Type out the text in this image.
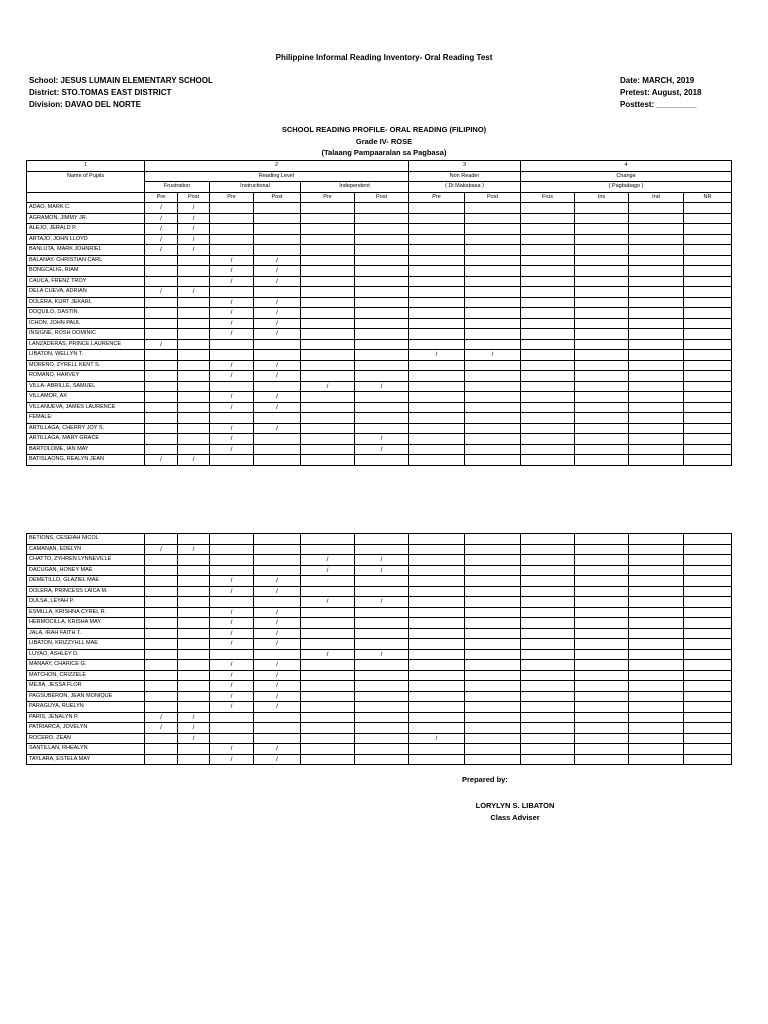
Philippine Informal Reading Inventory- Oral Reading Test
School: JESUS LUMAIN ELEMENTARY SCHOOL
District: STO.TOMAS EAST DISTRICT
Division: DAVAO DEL NORTE
Date: MARCH, 2019
Pretest: August, 2018
Posttest: _________
SCHOOL READING PROFILE- ORAL READING (FILIPINO)
Grade IV- ROSE
(Talaang Pampaaralan sa Pagbasa)
1	2						3		4			
Name of Pupils	Reading Level						Non Reader		Change			
	Frustration		Instructional		Independent		( Di Makabasa )		( Pagbabago )			
	Pre	Post	Pre	Post	Pre	Post	Pre	Post	Frus	Ins	Ind	NR
ADAO, MARK C.	/	/										
AGRAMON, JIMMY JR.	/	/										
ALEJO, JERALD P.	/	/										
ARTAJO, JOHN LLOYD	/	/										
BANLUTA, MARK JOHNRIEL	/	/										
BALANAY, CHRISTIAN CARL			/	/								
BONGCALIG, RIAM			/	/								
CAUCA, FRENZ TROY			/	/								
DELA CUEVA, ADRIAN	/	/										
DOLERA, KURT JEKARL			/	/								
DOQUILO, DASTIN			/	/								
ICHON, JOHN PAUL			/	/								
INSIGNE, ROSH DOMINIC			/	/								
LANZADERAS, PRINCE LAURENCE	/											
LIBATON, WELLYN T.							/	/				
MORENO, ZYRELL KENT S.			/	/								
ROMANO, HARVEY			/	/								
VILLA- ABRILLE, SAMUEL					/	/						
VILLAMOR, AX			/	/								
VILLANUEVA, JAMES LAURENCE			/	/								
FEMALE:												
ARTILLAGA, CHERRY JOY S.			/	/								
ARTILLAGA, MARY GRACE			/			/						
BARTOLOME, IAN MAY			/			/						
BATISLAONG, REALYN JEAN	/	/										
BETIONS, CESEIAH NICOL												
CAMANAN, EDELYN	/	/										
CHATTO, ZYHREN LYNNEVILLE					/	/						
DACUGAN, HONEY MAE					/	/						
DEMETILLO, GLAZIEL MAE			/	/								
DOLERA, PRINCESS LAICA M.			/	/								
DULSA, LEYAH P.					/	/						
ESMILLA, KRISHNA CYREL R.			/	/								
HERMOCILLA, KRISHA MAY			/	/								
JALA, IRAH FAITH T.			/	/								
LIBATON, KRIZZYHLL MAE			/	/								
LUYAO, ASHLEY D.					/	/						
MANAAY, CHARICE G.			/	/								
MATCHON, CRIZZELE			/	/								
MEJIA, JESSA FLOR			/	/								
PAGSUBERON, JEAN MONIQUE			/	/								
PARAGUYA, RUELYN			/	/								
PARIS, JENALYN P.	/	/										
PATRIARCA, JOVELYN	/	/										
ROCERO, ZEAN		/					/					
SANTILLAN, RHEALYN			/	/								
TAYLARA, ESTELA MAY			/	/								
Prepared by:
LORYLYN S. LIBATON
Class Adviser
